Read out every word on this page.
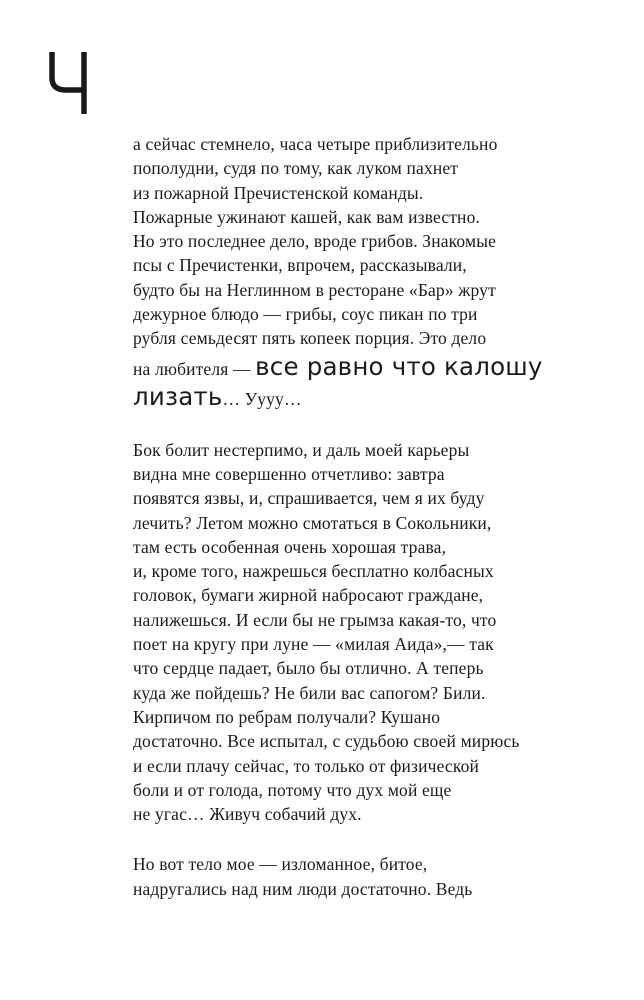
Ч
а сейчас стемнело, часа четыре приблизительно
пополудни, судя по тому, как луком пахнет
из пожарной Пречистенской команды.
Пожарные ужинают кашей, как вам известно.
Но это последнее дело, вроде грибов. Знакомые
псы с Пречистенки, впрочем, рассказывали,
будто бы на Неглинном в ресторане «Бар» жрут
дежурное блюдо — грибы, соус пикан по три
рубля семьдесят пять копеек порция. Это дело
на любителя — все равно что калошу
лизать… Уууу…
Бок болит нестерпимо, и даль моей карьеры
видна мне совершенно отчетливо: завтра
появятся язвы, и, спрашивается, чем я их буду
лечить? Летом можно смотаться в Сокольники,
там есть особенная очень хорошая трава,
и, кроме того, нажрешься бесплатно колбасных
головок, бумаги жирной набросают граждане,
налижешься. И если бы не грымза какая-то, что
поет на кругу при луне — «милая Аида»,— так
что сердце падает, было бы отлично. А теперь
куда же пойдешь? Не били вас сапогом? Били.
Кирпичом по ребрам получали? Кушано
достаточно. Все испытал, с судьбою своей мирюсь
и если плачу сейчас, то только от физической
боли и от голода, потому что дух мой еще
не угас… Живуч собачий дух.
Но вот тело мое — изломанное, битое,
надругались над ним люди достаточно. Ведь
